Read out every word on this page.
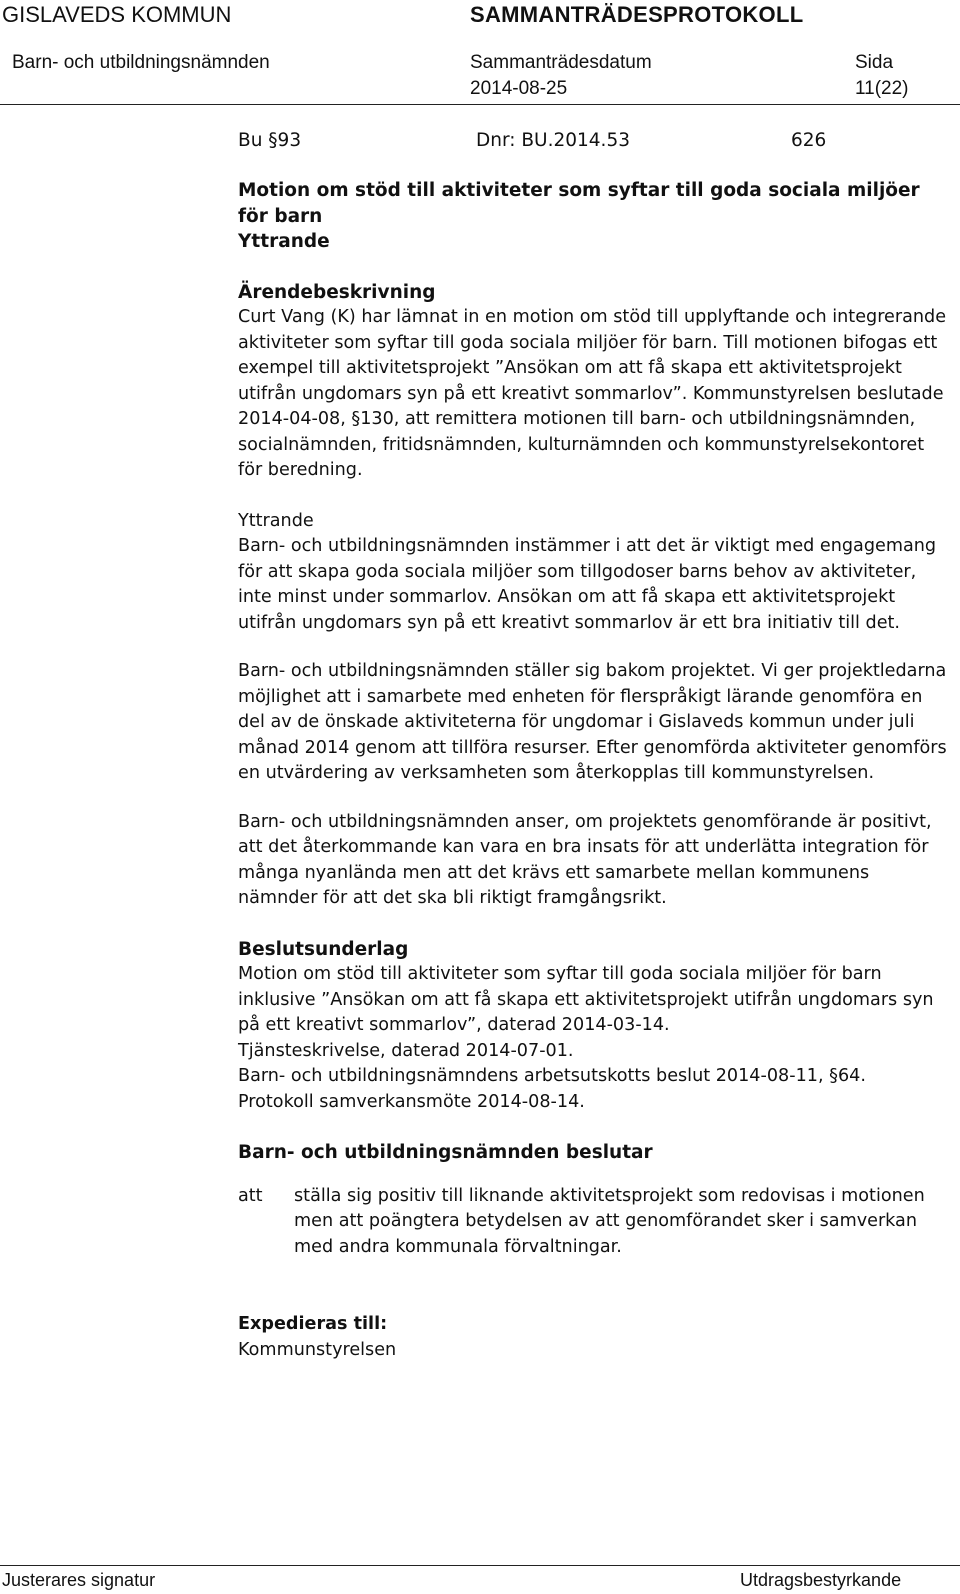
GISLAVEDS KOMMUN	SAMMANTRÄDESPROTOKOLL
Barn- och utbildningsnämnden	Sammanträdesdatum	Sida
2014-08-25	11(22)
Bu §93	Dnr: BU.2014.53	626

Motion om stöd till aktiviteter som syftar till goda sociala miljöer för barn

Yttrande

Ärendebeskrivning

Curt Vang (K) har lämnat in en motion om stöd till upplyftande och integrerande aktiviteter som syftar till goda sociala miljöer för barn. Till motionen bifogas ett exempel till aktivitetsprojekt ”Ansökan om att få skapa ett aktivitetsprojekt utifrån ungdomars syn på ett kreativt sommarlov”. Kommunstyrelsen beslutade 2014-04-08, §130, att remittera motionen till barn- och utbildningsnämnden, socialnämnden, fritidsnämnden, kulturnämnden och kommunstyrelsekontoret för beredning.

Yttrande

Barn- och utbildningsnämnden instämmer i att det är viktigt med engagemang för att skapa goda sociala miljöer som tillgodoser barns behov av aktiviteter, inte minst under sommarlov. Ansökan om att få skapa ett aktivitetsprojekt utifrån ungdomars syn på ett kreativt sommarlov är ett bra initiativ till det.

Barn- och utbildningsnämnden ställer sig bakom projektet. Vi ger projektledarna möjlighet att i samarbete med enheten för flerspråkigt lärande genomföra en del av de önskade aktiviteterna för ungdomar i Gislaveds kommun under juli månad 2014 genom att tillföra resurser. Efter genomförda aktiviteter genomförs en utvärdering av verksamheten som återkopplas till kommunstyrelsen.

Barn- och utbildningsnämnden anser, om projektets genomförande är positivt, att det återkommande kan vara en bra insats för att underlätta integration för många nyanlända men att det krävs ett samarbete mellan kommunens nämnder för att det ska bli riktigt framgångsrikt.

Beslutsunderlag

Motion om stöd till aktiviteter som syftar till goda sociala miljöer för barn inklusive ”Ansökan om att få skapa ett aktivitetsprojekt utifrån ungdomars syn på ett kreativt sommarlov”, daterad 2014-03-14.

Tjänsteskrivelse, daterad 2014-07-01.

Barn- och utbildningsnämndens arbetsutskotts beslut 2014-08-11, §64.

Protokoll samverkansmöte 2014-08-14.

Barn- och utbildningsnämnden beslutar

att	ställa sig positiv till liknande aktivitetsprojekt som redovisas i motionen men att poängtera betydelsen av att genomförandet sker i samverkan med andra kommunala förvaltningar.

Expedieras till:

Kommunstyrelsen

Justerares signatur	Utdragsbestyrkande
